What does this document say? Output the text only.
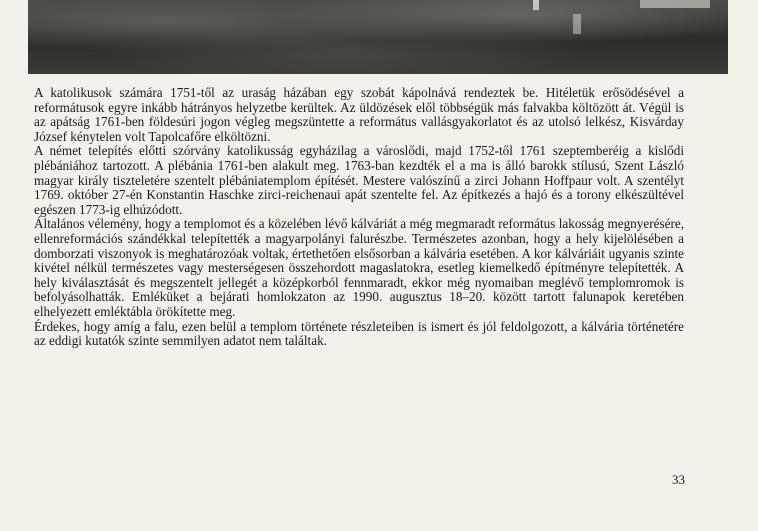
A katolikusok számára 1751-től az uraság házában egy szobát kápolnává rendeztek be. Hitéletük erősödésével a reformátusok egyre inkább hátrányos helyzetbe kerültek. Az üldözések elől többségük más falvakba költözött át. Végül is az apátság 1761-ben földesúri jogon végleg megszüntette a református vallásgyakorlatot és az utolsó lelkész, Kisvárday József kénytelen volt Tapolcafőre elköltözni.

A német telepítés előtti szórvány katolikusság egyházilag a városlődi, majd 1752-től 1761 szeptemberéig a kislődi plébániához tartozott. A plébánia 1761-ben alakult meg. 1763-ban kezdték el a ma is álló barokk stílusú, Szent László magyar király tiszteletére szentelt plébániatemplom építését. Mestere valószínű a zirci Johann Hoffpaur volt. A szentélyt 1769. október 27-én Konstantin Haschke zirci-reichenaui apát szentelte fel. Az építkezés a hajó és a torony elkészültével egészen 1773-ig elhúzódott.

Általános vélemény, hogy a templomot és a közelében lévő kálváriát a még megmaradt református lakosság megnyerésére, ellenreformációs szándékkal telepítették a magyarpolányi falurészbe. Természetes azonban, hogy a hely kijelölésében a domborzati viszonyok is meghatározóak voltak, értethetően elsősorban a kálvária esetében. A kor kálváriáit ugyanis szinte kivétel nélkül természetes vagy mesterségesen összehordott magaslatokra, esetleg kiemelkedő építményre telepítették. A hely kiválasztását és megszentelt jellegét a középkorból fennmaradt, ekkor még nyomaiban meglévő templomromok is befolyásolhatták. Emléküket a bejárati homlokzaton az 1990. augusztus 18–20. között tartott falunapok keretében elhelyezett emléktábla örökítette meg.

Érdekes, hogy amíg a falu, ezen belül a templom története részleteiben is ismert és jól feldolgozott, a kálvária történetére az eddigi kutatók szinte semmilyen adatot nem találtak.

33
